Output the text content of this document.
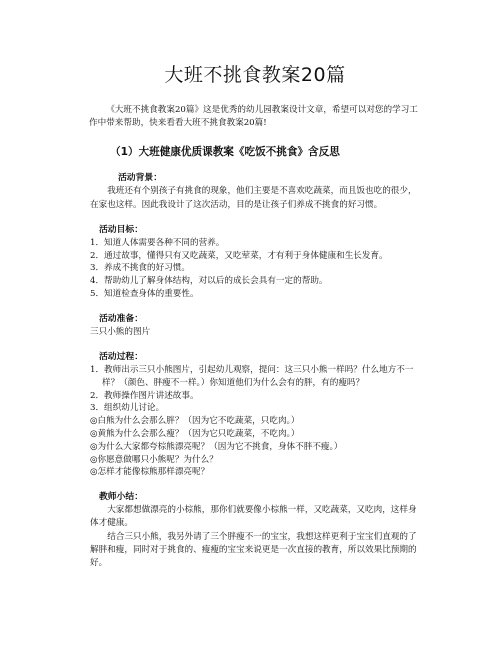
大班不挑食教案20篇

《大班不挑食教案20篇》这是优秀的幼儿园教案设计文章，希望可以对您的学习工作中带来帮助，快来看看大班不挑食教案20篇!

（1）大班健康优质课教案《吃饭不挑食》含反思
活动背景：

我班还有个别孩子有挑食的现象，他们主要是不喜欢吃蔬菜，而且饭也吃的很少，在家也这样。因此我设计了这次活动，目的是让孩子们养成不挑食的好习惯。

活动目标：

1．知道人体需要各种不同的营养。

2．通过故事，懂得只有又吃蔬菜，又吃荤菜，才有利于身体健康和生长发育。

3．养成不挑食的好习惯。

4．帮助幼儿了解身体结构，对以后的成长会具有一定的帮助。

5．知道检查身体的重要性。

活动准备：

三只小熊的图片

活动过程：

1．教师出示三只小熊图片，引起幼儿观察，提问：这三只小熊一样吗？什么地方不一样？（颜色、胖瘦不一样。）你知道他们为什么会有的胖，有的瘦吗？

2．教师操作图片讲述故事。

3．组织幼儿讨论。

◎白熊为什么会那么胖？（因为它不吃蔬菜，只吃肉。）

◎黄熊为什么会那么瘦？（因为它只吃蔬菜，不吃肉。）

◎为什么大家都夸棕熊漂亮呢？（因为它不挑食，身体不胖不瘦。）

◎你愿意做哪只小熊呢？为什么？

◎怎样才能像棕熊那样漂亮呢？

教师小结：

大家都想做漂亮的小棕熊，那你们就要像小棕熊一样，又吃蔬菜，又吃肉，这样身体才健康。

结合三只小熊，我另外请了三个胖瘦不一的宝宝，我想这样更利于宝宝们直观的了解胖和瘦，同时对于挑食的、瘦瘦的宝宝来说更是一次直接的教育，所以效果比预期的好。
